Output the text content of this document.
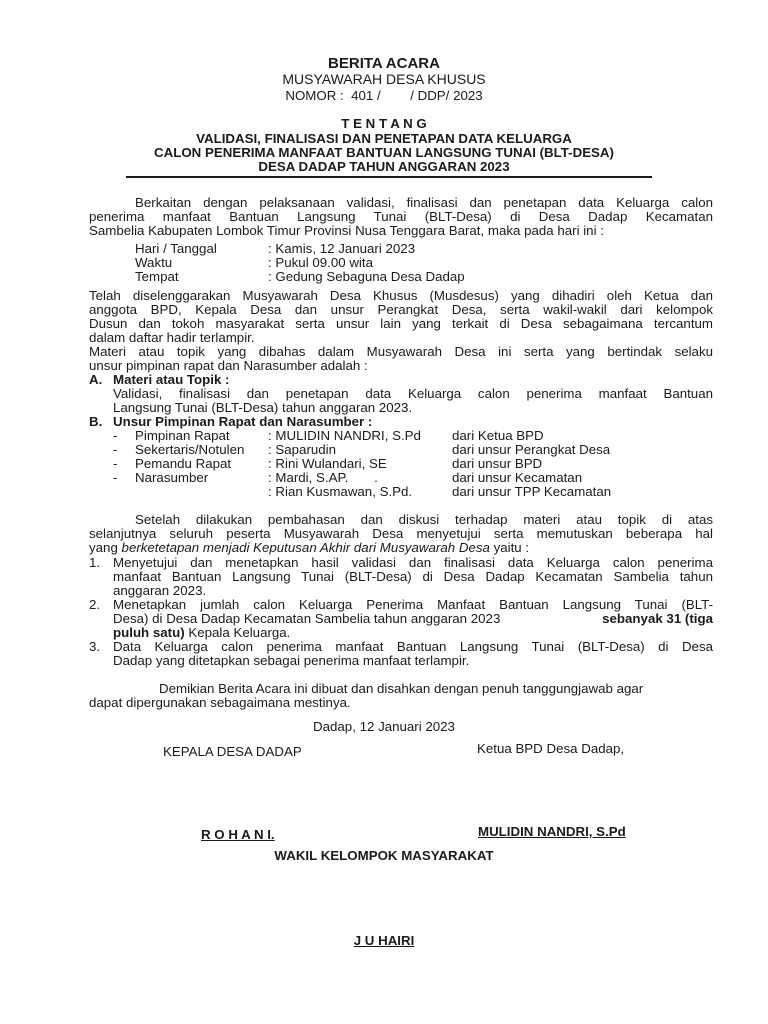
BERITA ACARA
MUSYAWARAH DESA KHUSUS
NOMOR :  401 /        / DDP/ 2023
T E N T A N G
VALIDASI, FINALISASI DAN PENETAPAN DATA KELUARGA
CALON PENERIMA MANFAAT BANTUAN LANGSUNG TUNAI (BLT-DESA)
DESA DADAP TAHUN ANGGARAN 2023
Berkaitan dengan pelaksanaan validasi, finalisasi dan penetapan data Keluarga calon
penerima manfaat Bantuan Langsung Tunai (BLT-Desa) di Desa Dadap Kecamatan
Sambelia Kabupaten Lombok Timur Provinsi Nusa Tenggara Barat, maka pada hari ini :
Hari / Tanggal	: Kamis, 12 Januari 2023
Waktu	: Pukul 09.00 wita
Tempat	: Gedung Sebaguna Desa Dadap
Telah diselenggarakan Musyawarah Desa Khusus (Musdesus) yang dihadiri oleh Ketua dan
anggota BPD, Kepala Desa dan unsur Perangkat Desa, serta wakil-wakil dari kelompok
Dusun dan tokoh masyarakat serta unsur lain yang terkait di Desa sebagaimana tercantum
dalam daftar hadir terlampir.
Materi atau topik yang dibahas dalam Musyawarah Desa ini serta yang bertindak selaku
unsur pimpinan rapat dan Narasumber adalah :
A. Materi atau Topik :
Validasi, finalisasi dan penetapan data Keluarga calon penerima manfaat Bantuan
Langsung Tunai (BLT-Desa) tahun anggaran 2023.
B. Unsur Pimpinan Rapat dan Narasumber :
- Pimpinan Rapat	: MULIDIN NANDRI, S.Pd dari Ketua BPD
- Sekertaris/Notulen : Saparudin	dari unsur Perangkat Desa
- Pemandu Rapat	: Rini Wulandari, SE	dari unsur BPD
- Narasumber	: Mardi, S.AP.       .	dari unsur Kecamatan
: Rian Kusmawan, S.Pd.	dari unsur TPP Kecamatan
Setelah dilakukan pembahasan dan diskusi terhadap materi atau topik di atas
selanjutnya seluruh peserta Musyawarah Desa menyetujui serta memutuskan beberapa hal
yang berketetapan menjadi Keputusan Akhir dari Musyawarah Desa yaitu :
1. Menyetujui dan menetapkan hasil validasi dan finalisasi data Keluarga calon penerima
manfaat Bantuan Langsung Tunai (BLT-Desa) di Desa Dadap Kecamatan Sambelia tahun
anggaran 2023.
2. Menetapkan jumlah calon Keluarga Penerima Manfaat Bantuan Langsung Tunai (BLT-
Desa) di Desa Dadap Kecamatan Sambelia tahun anggaran 2023	sebanyak 31 (tiga
puluh satu) Kepala Keluarga.
3. Data Keluarga calon penerima manfaat Bantuan Langsung Tunai (BLT-Desa) di Desa
Dadap yang ditetapkan sebagai penerima manfaat terlampir.
Demikian Berita Acara ini dibuat dan disahkan dengan penuh tanggungjawab agar
dapat dipergunakan sebagaimana mestinya.
Dadap, 12 Januari 2023
KEPALA DESA DADAP	Ketua BPD Desa Dadap,
R O H A N I.	MULIDIN NANDRI, S.Pd
WAKIL KELOMPOK MASYARAKAT
J U HAIRI
